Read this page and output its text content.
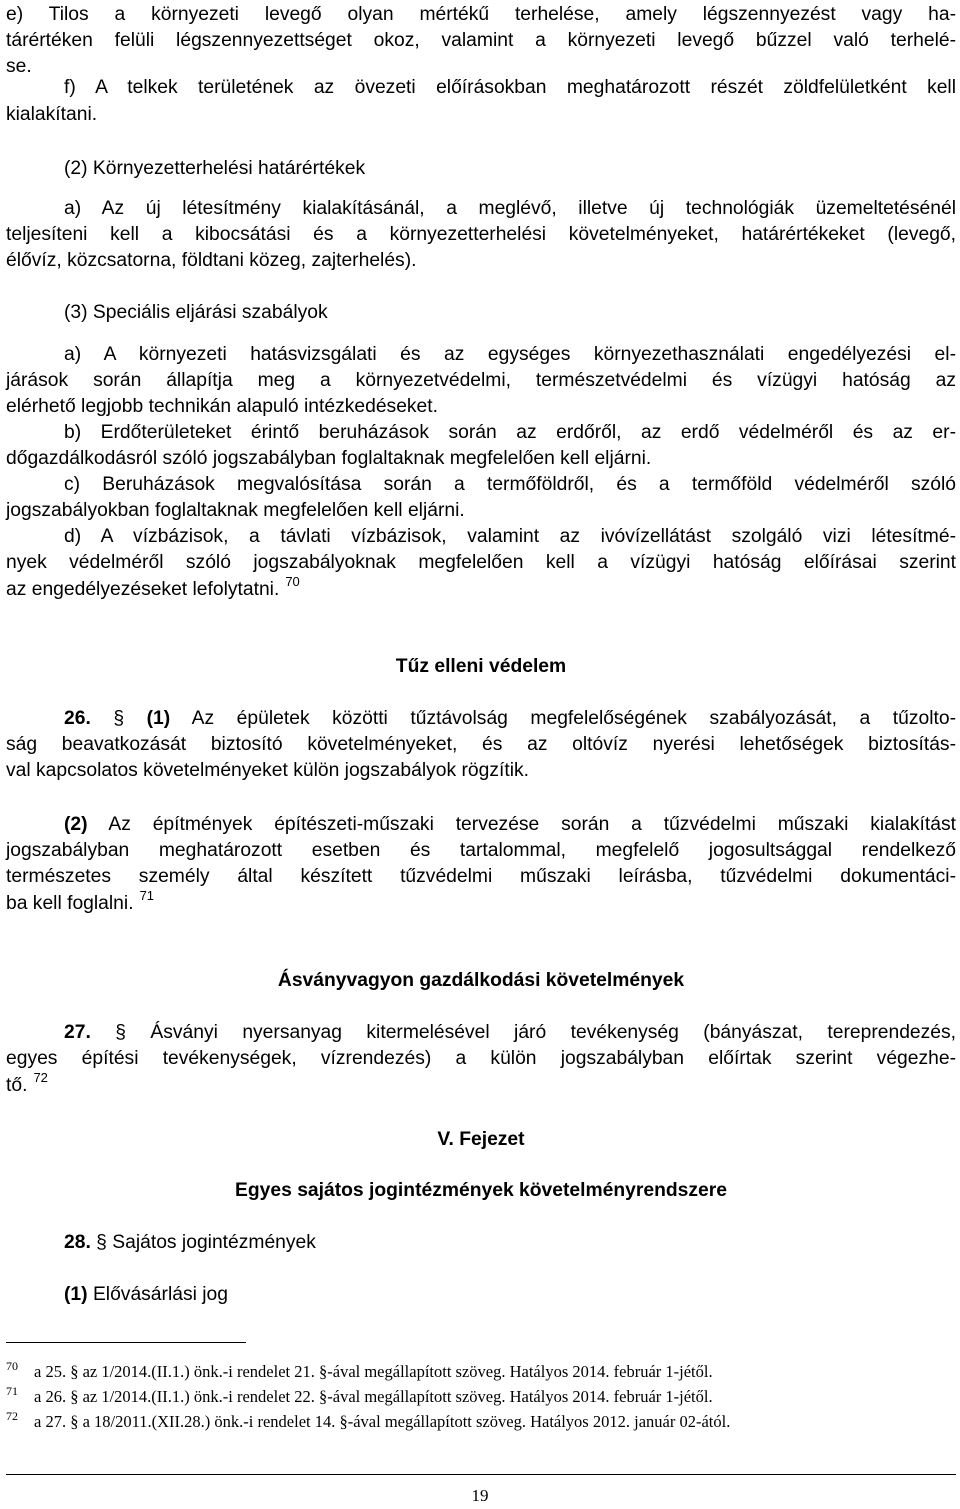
e) Tilos a környezeti levegő olyan mértékű terhelése, amely légszennyezést vagy ha-
tárértéken felüli légszennyezettséget okoz, valamint a környezeti levegő bűzzel való terhelé-
se.
f) A telkek területének az övezeti előírásokban meghatározott részét zöldfelületként kell
kialakítani.
(2) Környezetterhelési határértékek
a) Az új létesítmény kialakításánál, a meglévő, illetve új technológiák üzemeltetésénél
teljesíteni kell a kibocsátási és a környezetterhelési követelményeket, határértékeket (levegő,
élővíz, közcsatorna, földtani közeg, zajterhelés).
(3) Speciális eljárási szabályok
a) A környezeti hatásvizsgálati és az egységes környezethasználati engedélyezési el-
járások során állapítja meg a környezetvédelmi, természetvédelmi és vízügyi hatóság az
elérhető legjobb technikán alapuló intézkedéseket.
b) Erdőterületeket érintő beruházások során az erdőről, az erdő védelméről és az er-
dőgazdálkodásról szóló jogszabályban foglaltaknak megfelelően kell eljárni.
c) Beruházások megvalósítása során a termőföldről, és a termőföld védelméről szóló
jogszabályokban foglaltaknak megfelelően kell eljárni.
d) A vízbázisok, a távlati vízbázisok, valamint az ivóvízellátást szolgáló vizi létesítmé-
nyek védelméről szóló jogszabályoknak megfelelően kell a vízügyi hatóság előírásai szerint
az engedélyezéseket lefolytatni. $^{70}$
Tűz elleni védelem
26. § (1) Az épületek közötti tűztávolság megfelelőségének szabályozását, a tűzolto-
ság beavatkozását biztosító követelményeket, és az oltóvíz nyerési lehetőségek biztosítás-
val kapcsolatos követelményeket külön jogszabályok rögzítik.
(2) Az építmények építészeti-műszaki tervezése során a tűzvédelmi műszaki kialakítást
jogszabályban meghatározott esetben és tartalommal, megfelelő jogosultsággal rendelkező
természetes személy által készített tűzvédelmi műszaki leírásba, tűzvédelmi dokumentáci-
ba kell foglalni. $^{71}$
Ásványvagyon gazdálkodási követelmények
27. § Ásványi nyersanyag kitermelésével járó tevékenység (bányászat, tereprendezés,
egyes építési tevékenységek, vízrendezés) a külön jogszabályban előírtak szerint végezhe-
tő. $^{72}$
V. Fejezet
Egyes sajátos jogintézmények követelményrendszere
28. § Sajátos jogintézmények
(1) Elővásárlási jog
70 a 25. § az 1/2014.(II.1.) önk.-i rendelet 21. §-ával megállapított szöveg. Hatályos 2014. február 1-jétől.
71 a 26. § az 1/2014.(II.1.) önk.-i rendelet 22. §-ával megállapított szöveg. Hatályos 2014. február 1-jétől.
72 a 27. § a 18/2011.(XII.28.) önk.-i rendelet 14. §-ával megállapított szöveg. Hatályos 2012. január 02-ától.
19
